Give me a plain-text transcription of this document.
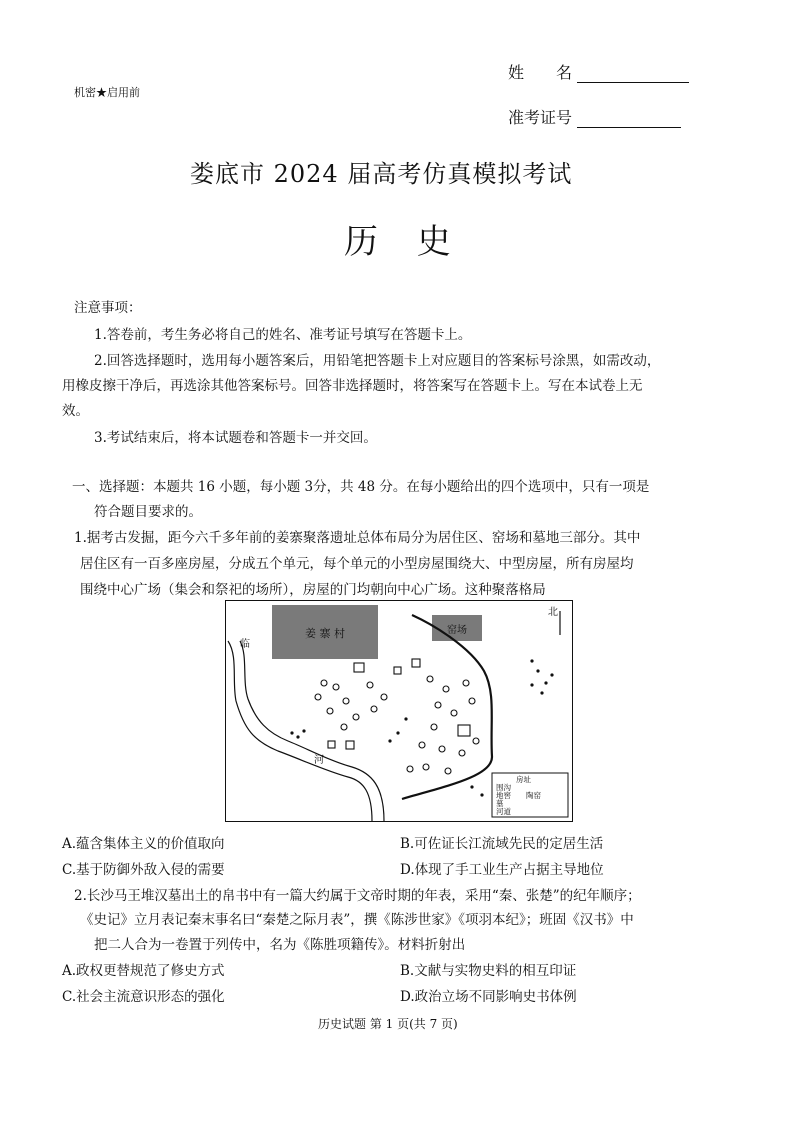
机密★启用前
姓　　名
准考证号
娄底市 2024 届高考仿真模拟考试
历 史
注意事项：
1.答卷前，考生务必将自己的姓名、准考证号填写在答题卡上。
2.回答选择题时，选用每小题答案后，用铅笔把答题卡上对应题目的答案标号涂黑，如需改动，
用橡皮擦干净后，再选涂其他答案标号。回答非选择题时，将答案写在答题卡上。写在本试卷上无
效。
3.考试结束后，将本试题卷和答题卡一并交回。
一、选择题：本题共 16 小题，每小题 3分，共 48 分。在每小题给出的四个选项中，只有一项是
符合题目要求的。
1.据考古发掘，距今六千多年前的姜寨聚落遗址总体布局分为居住区、窑场和墓地三部分。其中
居住区有一百多座房屋，分成五个单元，每个单元的小型房屋围绕大、中型房屋，所有房屋均
围绕中心广场（集会和祭祀的场所），房屋的门均朝向中心广场。这种聚落格局
姜 寨 村	窑场
北
临
河
房址
围沟
地窖 陶窑
墓
河道
A.蕴含集体主义的价值取向	B.可佐证长江流域先民的定居生活
C.基于防御外敌入侵的需要	D.体现了手工业生产占据主导地位
2.长沙马王堆汉墓出土的帛书中有一篇大约属于文帝时期的年表，采用“秦、张楚”的纪年顺序；
《史记》立月表记秦末事名曰“秦楚之际月表”，撰《陈涉世家》《项羽本纪》；班固《汉书》中
把二人合为一卷置于列传中，名为《陈胜项籍传》。材料折射出
A.政权更替规范了修史方式	B.文献与实物史料的相互印证
C.社会主流意识形态的强化	D.政治立场不同影响史书体例
历史试题 第 1 页(共 7 页)
